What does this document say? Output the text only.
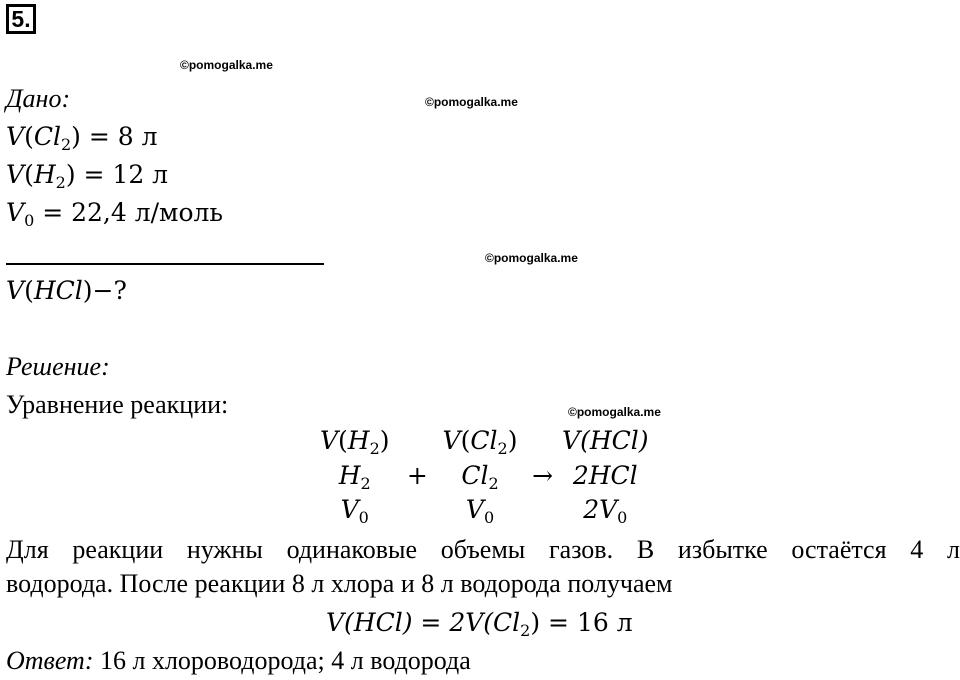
5.
©pomogalka.me
©pomogalka.me
©pomogalka.me
©pomogalka.me
Дано:
$V(Cl_2) = 8$ л
$V(H_2) = 12$ л
$V_0 = 22,4$ л/моль
V(HCl)−?
Решение:
Уравнение реакции:
$V(H_2)$	$V(Cl_2)$ V(HCl)
$H_2$	+	$Cl_2$	→ 2HCl
$V_0$	$V_0$	$2V_0$
Для реакции нужны одинаковые объемы газов. В избытке остаётся 4 л
водорода. После реакции 8 л хлора и 8 л водорода получаем
$V(HCl) = 2V(Cl_2) = 16$ л
Ответ: 16 л хлороводорода; 4 л водорода
